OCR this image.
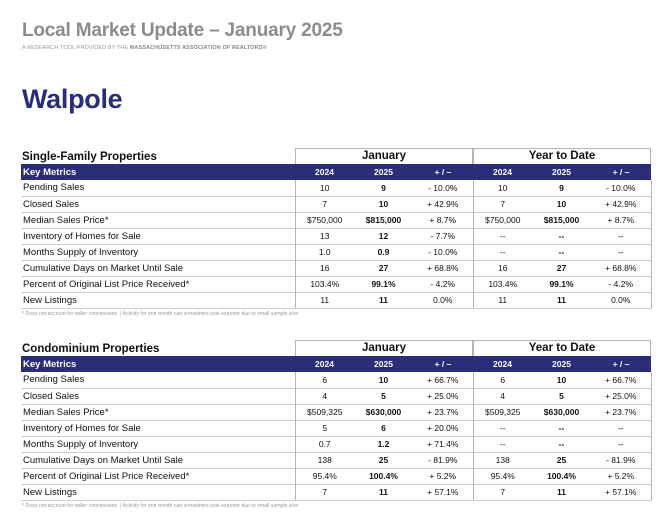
Local Market Update – January 2025
A RESEARCH TOOL PROVIDED BY THE MASSACHUSETTS ASSOCIATION OF REALTORS®
Walpole
Single-Family Properties	January	Year to Date
Key Metrics	2024	2025	+ / –	2024	2025	+ / –
Pending Sales	10	9	- 10.0%	10	9	- 10.0%
Closed Sales	7	10	+ 42.9%	7	10	+ 42.9%
Median Sales Price*	$750,000	$815,000	+ 8.7%	$750,000	$815,000	+ 8.7%
Inventory of Homes for Sale	13	12	- 7.7%	--	--	--
Months Supply of Inventory	1.0	0.9	- 10.0%	--	--	--
Cumulative Days on Market Until Sale	16	27	+ 68.8%	16	27	+ 68.8%
Percent of Original List Price Received*	103.4%	99.1%	- 4.2%	103.4%	99.1%	- 4.2%
New Listings	11	11	0.0%	11	11	0.0%
* Does not account for seller concessions. | Activity for one month can sometimes look extreme due to small sample size.
Condominium Properties	January	Year to Date
Key Metrics	2024	2025	+ / –	2024	2025	+ / –
Pending Sales	6	10	+ 66.7%	6	10	+ 66.7%
Closed Sales	4	5	+ 25.0%	4	5	+ 25.0%
Median Sales Price*	$509,325	$630,000	+ 23.7%	$509,325	$630,000	+ 23.7%
Inventory of Homes for Sale	5	6	+ 20.0%	--	--	--
Months Supply of Inventory	0.7	1.2	+ 71.4%	--	--	--
Cumulative Days on Market Until Sale	138	25	- 81.9%	138	25	- 81.9%
Percent of Original List Price Received*	95.4%	100.4%	+ 5.2%	95.4%	100.4%	+ 5.2%
New Listings	7	11	+ 57.1%	7	11	+ 57.1%
* Does not account for seller concessions. | Activity for one month can sometimes look extreme due to small sample size.
